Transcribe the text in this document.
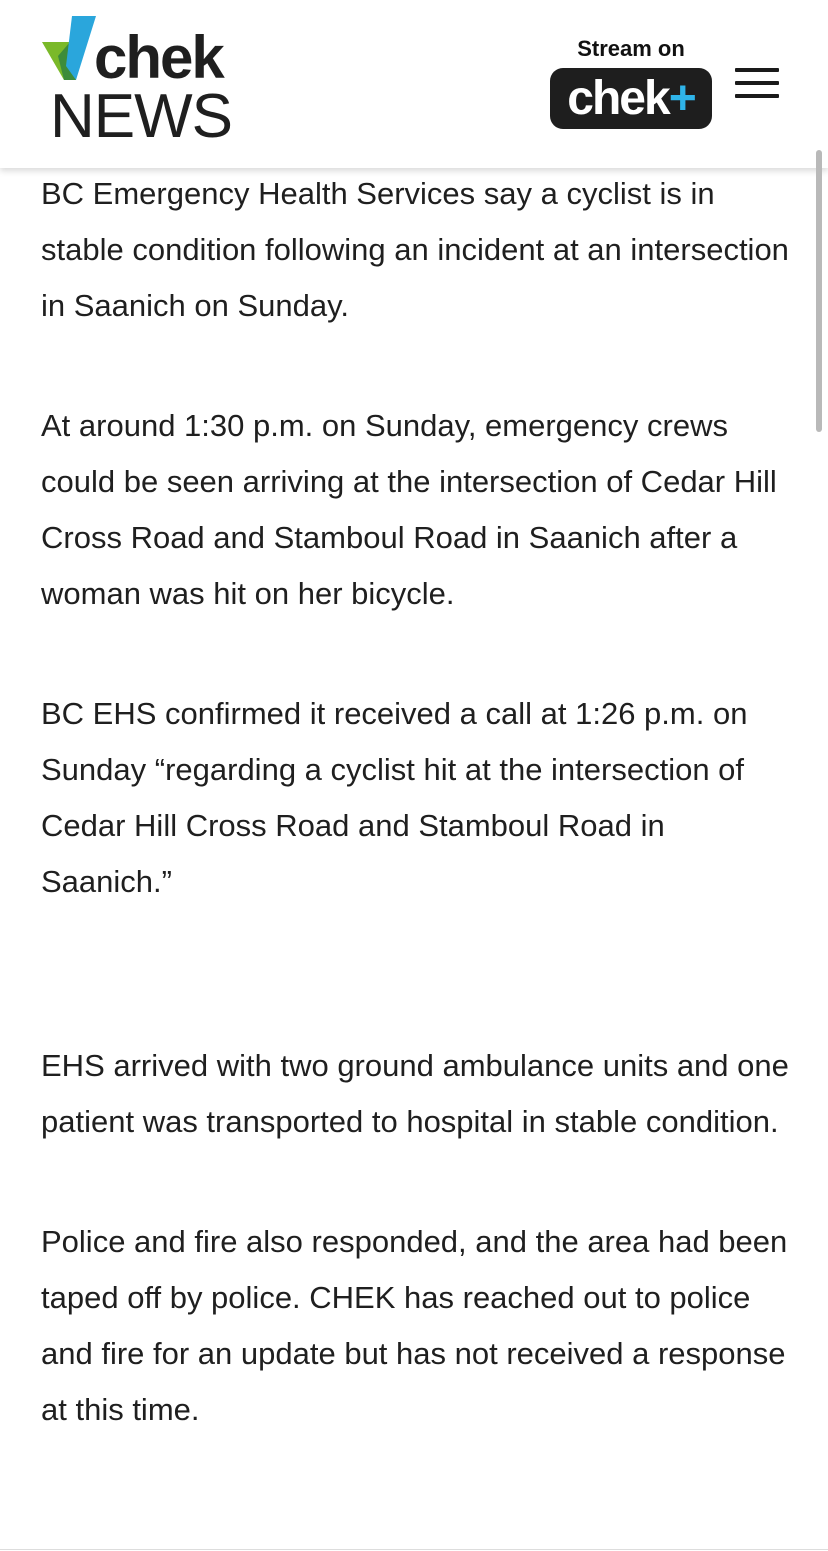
chek
NEWS
Stream on
chek+

BC Emergency Health Services say a cyclist is in stable condition following an incident at an intersection in Saanich on Sunday.

At around 1:30 p.m. on Sunday, emergency crews could be seen arriving at the intersection of Cedar Hill Cross Road and Stamboul Road in Saanich after a woman was hit on her bicycle.

BC EHS confirmed it received a call at 1:26 p.m. on Sunday “regarding a cyclist hit at the intersection of Cedar Hill Cross Road and Stamboul Road in Saanich.”

EHS arrived with two ground ambulance units and one patient was transported to hospital in stable condition.

Police and fire also responded, and the area had been taped off by police. CHEK has reached out to police and fire for an update but has not received a response at this time.
